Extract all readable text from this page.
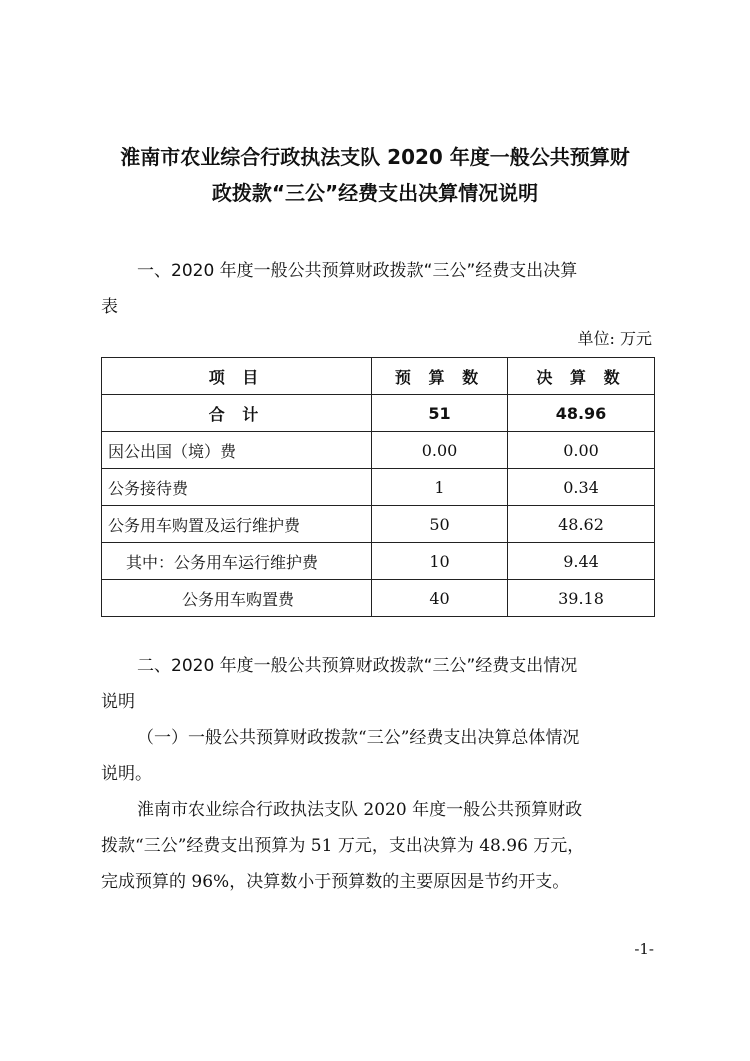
淮南市农业综合行政执法支队 2020 年度一般公共预算财
政拨款“三公”经费支出决算情况说明
一、2020 年度一般公共预算财政拨款“三公”经费支出决算
表
单位: 万元
项 目	预 算 数	决 算 数
合 计	51	48.96
因公出国（境）费	0.00	0.00
公务接待费	1	0.34
公务用车购置及运行维护费	50	48.62
其中：公务用车运行维护费	10	9.44
公务用车购置费	40	39.18
二、2020 年度一般公共预算财政拨款“三公”经费支出情况
说明
（一）一般公共预算财政拨款“三公”经费支出决算总体情况
说明。
淮南市农业综合行政执法支队 2020 年度一般公共预算财政
拨款“三公”经费支出预算为 51 万元，支出决算为 48.96 万元，
完成预算的 96%，决算数小于预算数的主要原因是节约开支。
-1-
